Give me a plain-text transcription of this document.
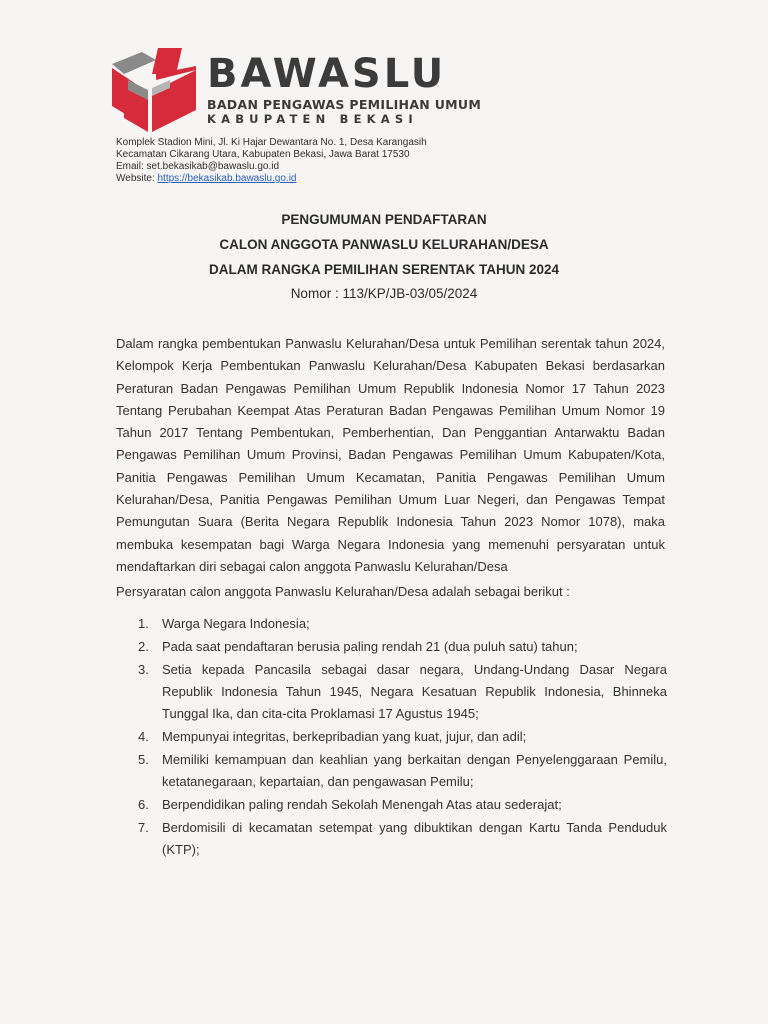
BAWASLU
BADAN PENGAWAS PEMILIHAN UMUM
KABUPATEN BEKASI
Komplek Stadion Mini, Jl. Ki Hajar Dewantara No. 1, Desa Karangasih
Kecamatan Cikarang Utara, Kabupaten Bekasi, Jawa Barat 17530
Email: set.bekasikab@bawaslu.go.id
Website: https://bekasikab.bawaslu.go.id
PENGUMUMAN PENDAFTARAN
CALON ANGGOTA PANWASLU KELURAHAN/DESA
DALAM RANGKA PEMILIHAN SERENTAK TAHUN 2024
Nomor : 113/KP/JB-03/05/2024
Dalam rangka pembentukan Panwaslu Kelurahan/Desa untuk Pemilihan serentak tahun 2024, Kelompok Kerja Pembentukan Panwaslu Kelurahan/Desa Kabupaten Bekasi berdasarkan Peraturan Badan Pengawas Pemilihan Umum Republik Indonesia Nomor 17 Tahun 2023 Tentang Perubahan Keempat Atas Peraturan Badan Pengawas Pemilihan Umum Nomor 19 Tahun 2017 Tentang Pembentukan, Pemberhentian, Dan Penggantian Antarwaktu Badan Pengawas Pemilihan Umum Provinsi, Badan Pengawas Pemilihan Umum Kabupaten/Kota, Panitia Pengawas Pemilihan Umum Kecamatan, Panitia Pengawas Pemilihan Umum Kelurahan/Desa, Panitia Pengawas Pemilihan Umum Luar Negeri, dan Pengawas Tempat Pemungutan Suara (Berita Negara Republik Indonesia Tahun 2023 Nomor 1078), maka membuka kesempatan bagi Warga Negara Indonesia yang memenuhi persyaratan untuk mendaftarkan diri sebagai calon anggota Panwaslu Kelurahan/Desa
Persyaratan calon anggota Panwaslu Kelurahan/Desa adalah sebagai berikut :
1. Warga Negara Indonesia;
2. Pada saat pendaftaran berusia paling rendah 21 (dua puluh satu) tahun;
3. Setia kepada Pancasila sebagai dasar negara, Undang-Undang Dasar Negara Republik Indonesia Tahun 1945, Negara Kesatuan Republik Indonesia, Bhinneka Tunggal Ika, dan cita-cita Proklamasi 17 Agustus 1945;
4. Mempunyai integritas, berkepribadian yang kuat, jujur, dan adil;
5. Memiliki kemampuan dan keahlian yang berkaitan dengan Penyelenggaraan Pemilu, ketatanegaraan, kepartaian, dan pengawasan Pemilu;
6. Berpendidikan paling rendah Sekolah Menengah Atas atau sederajat;
7. Berdomisili di kecamatan setempat yang dibuktikan dengan Kartu Tanda Penduduk (KTP);
